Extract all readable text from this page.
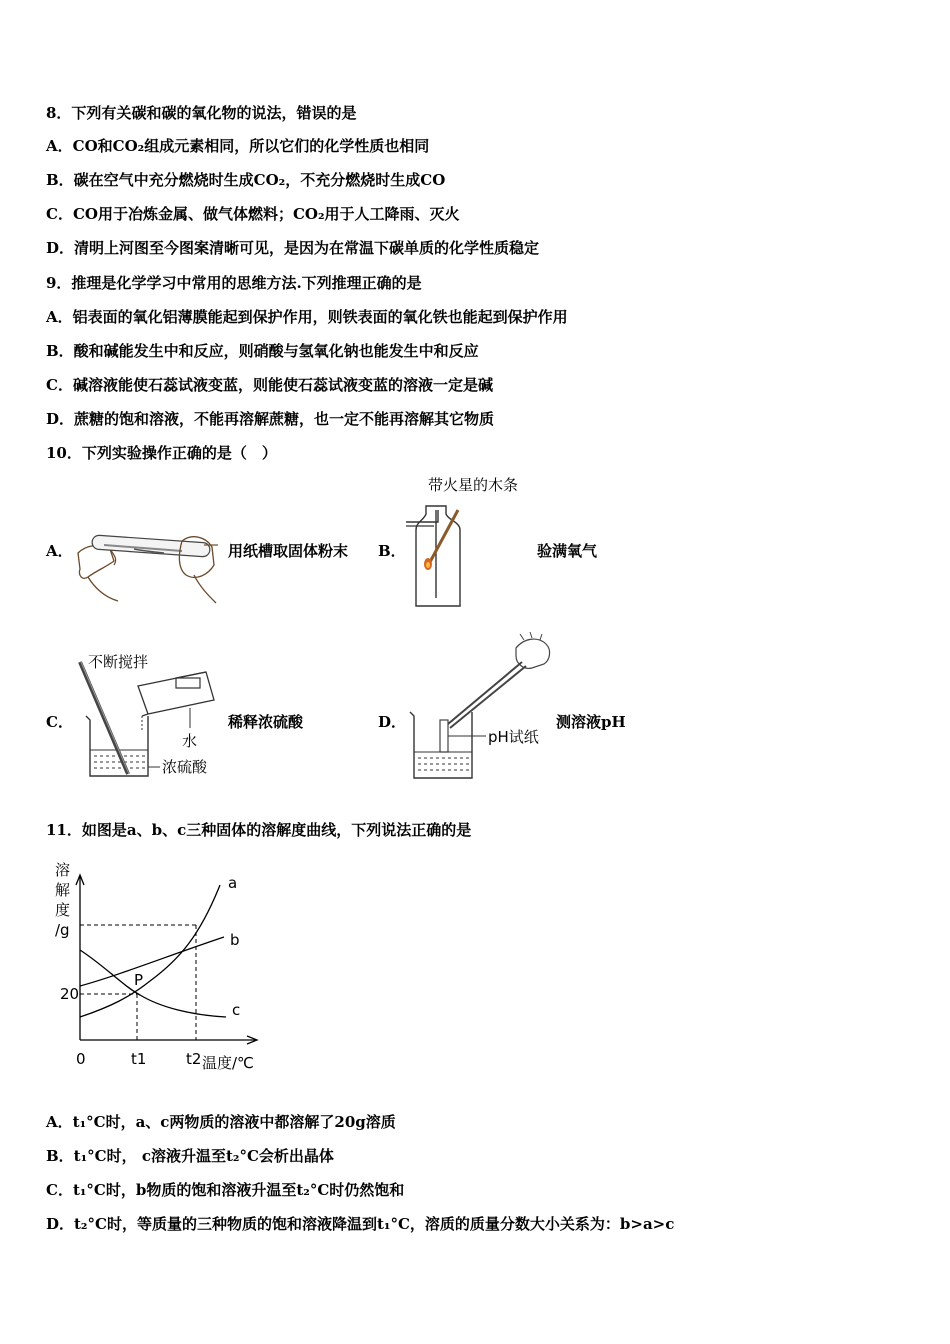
8．下列有关碳和碳的氧化物的说法，错误的是
A．CO和CO₂组成元素相同，所以它们的化学性质也相同
B．碳在空气中充分燃烧时生成CO₂，不充分燃烧时生成CO
C．CO用于冶炼金属、做气体燃料；CO₂用于人工降雨、灭火
D．清明上河图至今图案清晰可见，是因为在常温下碳单质的化学性质稳定
9．推理是化学学习中常用的思维方法.下列推理正确的是
A．铝表面的氧化铝薄膜能起到保护作用，则铁表面的氧化铁也能起到保护作用
B．酸和碱能发生中和反应，则硝酸与氢氧化钠也能发生中和反应
C．碱溶液能使石蕊试液变蓝，则能使石蕊试液变蓝的溶液一定是碱
D．蔗糖的饱和溶液，不能再溶解蔗糖，也一定不能再溶解其它物质
10．下列实验操作正确的是（　）
A．	用纸槽取固体粉末 B．
带火星的木条
验满氧气
C．
不断搅拌
水
浓硫酸
稀释浓硫酸	D．
pH试纸
测溶液pH
11．如图是a、b、c三种固体的溶解度曲线，下列说法正确的是
溶
解
度
/g
a
b
c
P
20
0	t1	t2 温度/℃
A．t₁°C时，a、c两物质的溶液中都溶解了20g溶质
B．t₁°C时， c溶液升温至t₂°C会析出晶体
C．t₁°C时，b物质的饱和溶液升温至t₂°C时仍然饱和
D．t₂°C时，等质量的三种物质的饱和溶液降温到t₁°C，溶质的质量分数大小关系为：b>a>c
